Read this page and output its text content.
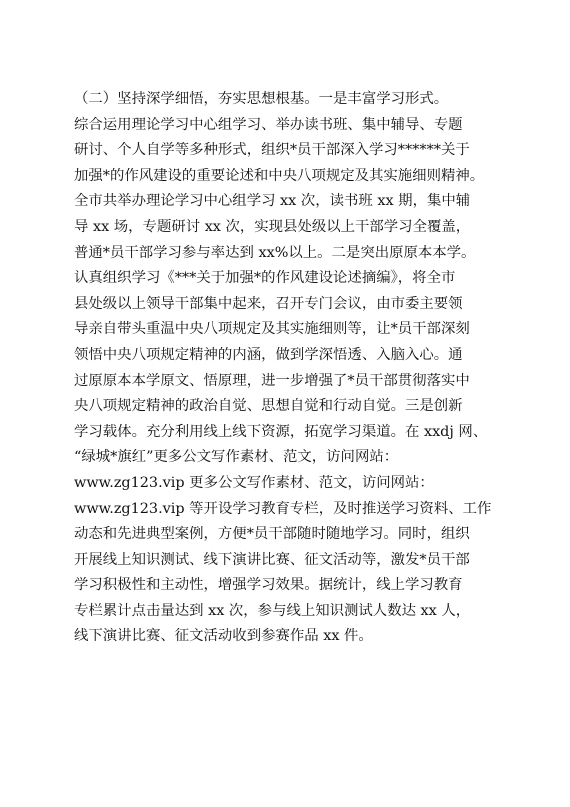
（二）坚持深学细悟，夯实思想根基。一是丰富学习形式。
综合运用理论学习中心组学习、举办读书班、集中辅导、专题
研讨、个人自学等多种形式，组织*员干部深入学习******关于
加强*的作风建设的重要论述和中央八项规定及其实施细则精神。
全市共举办理论学习中心组学习 xx 次，读书班 xx 期，集中辅
导 xx 场，专题研讨 xx 次，实现县处级以上干部学习全覆盖，
普通*员干部学习参与率达到 xx%以上。二是突出原原本本学。
认真组织学习《***关于加强*的作风建设论述摘编》，将全市
县处级以上领导干部集中起来，召开专门会议，由市委主要领
导亲自带头重温中央八项规定及其实施细则等，让*员干部深刻
领悟中央八项规定精神的内涵，做到学深悟透、入脑入心。通
过原原本本学原文、悟原理，进一步增强了*员干部贯彻落实中
央八项规定精神的政治自觉、思想自觉和行动自觉。三是创新
学习载体。充分利用线上线下资源，拓宽学习渠道。在 xxdj 网、
“绿城*旗红”更多公文写作素材、范文，访问网站：
www.zg123.vip 更多公文写作素材、范文，访问网站：
www.zg123.vip 等开设学习教育专栏，及时推送学习资料、工作
动态和先进典型案例，方便*员干部随时随地学习。同时，组织
开展线上知识测试、线下演讲比赛、征文活动等，激发*员干部
学习积极性和主动性，增强学习效果。据统计，线上学习教育
专栏累计点击量达到 xx 次，参与线上知识测试人数达 xx 人，
线下演讲比赛、征文活动收到参赛作品 xx 件。
